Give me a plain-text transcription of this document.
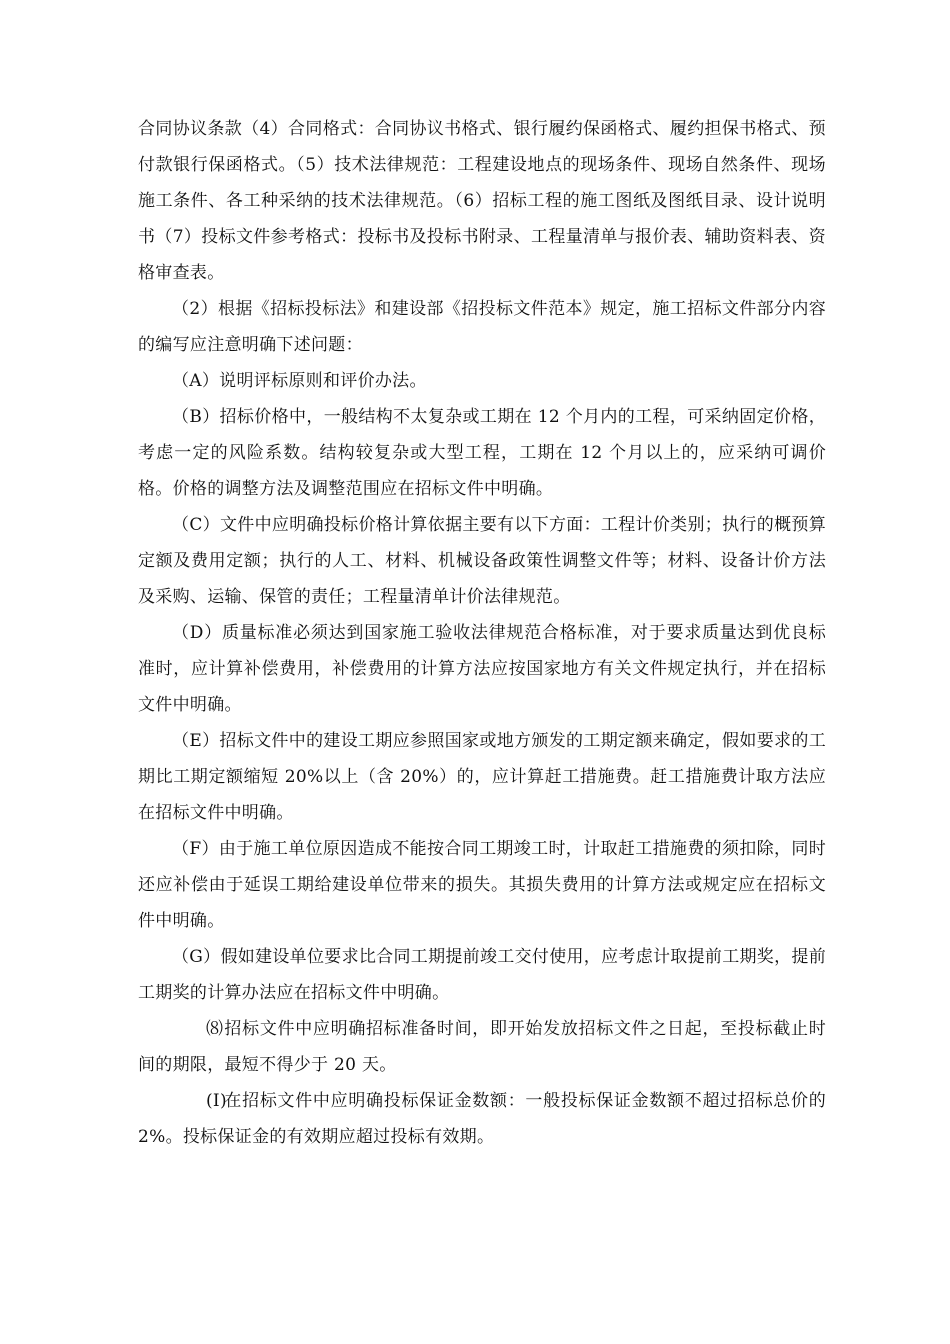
合同协议条款（4）合同格式：合同协议书格式、银行履约保函格式、履约担保书格式、预付款银行保函格式。（5）技术法律规范：工程建设地点的现场条件、现场自然条件、现场施工条件、各工种采纳的技术法律规范。（6）招标工程的施工图纸及图纸目录、设计说明书（7）投标文件参考格式：投标书及投标书附录、工程量清单与报价表、辅助资料表、资格审查表。

（2）根据《招标投标法》和建设部《招投标文件范本》规定，施工招标文件部分内容的编写应注意明确下述问题：

（A）说明评标原则和评价办法。

（B）招标价格中，一般结构不太复杂或工期在 12 个月内的工程，可采纳固定价格，考虑一定的风险系数。结构较复杂或大型工程，工期在 12 个月以上的，应采纳可调价格。价格的调整方法及调整范围应在招标文件中明确。

（C）文件中应明确投标价格计算依据主要有以下方面：工程计价类别；执行的概预算定额及费用定额；执行的人工、材料、机械设备政策性调整文件等；材料、设备计价方法及采购、运输、保管的责任；工程量清单计价法律规范。

（D）质量标准必须达到国家施工验收法律规范合格标准，对于要求质量达到优良标准时，应计算补偿费用，补偿费用的计算方法应按国家地方有关文件规定执行，并在招标文件中明确。

（E）招标文件中的建设工期应参照国家或地方颁发的工期定额来确定，假如要求的工期比工期定额缩短 20%以上（含 20%）的，应计算赶工措施费。赶工措施费计取方法应在招标文件中明确。

（F）由于施工单位原因造成不能按合同工期竣工时，计取赶工措施费的须扣除，同时还应补偿由于延误工期给建设单位带来的损失。其损失费用的计算方法或规定应在招标文件中明确。

（G）假如建设单位要求比合同工期提前竣工交付使用，应考虑计取提前工期奖，提前工期奖的计算办法应在招标文件中明确。

⑻招标文件中应明确招标准备时间，即开始发放招标文件之日起，至投标截止时间的期限，最短不得少于 20 天。

(I)在招标文件中应明确投标保证金数额：一般投标保证金数额不超过招标总价的 2%。投标保证金的有效期应超过投标有效期。
